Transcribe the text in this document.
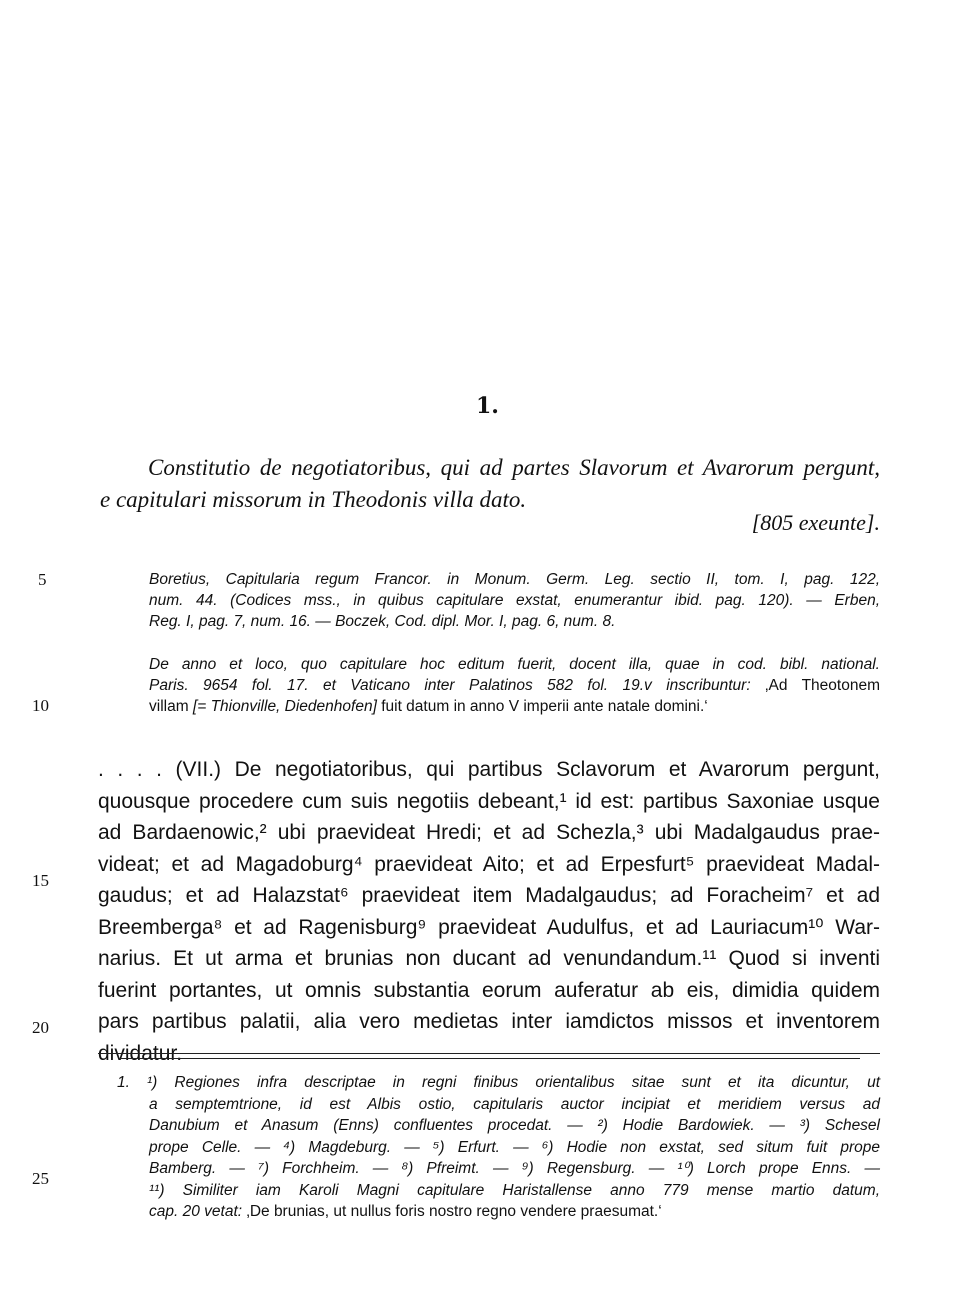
1.
Constitutio de negotiatoribus, qui ad partes Slavorum et Avarorum pergunt,
e capitulari missorum in Theodonis villa dato.
[805 exeunte].
5
10
15
20
25
Boretius, Capitularia regum Francor. in Monum. Germ. Leg. sectio II, tom. I, pag. 122,
num. 44. (Codices mss., in quibus capitulare exstat, enumerantur ibid. pag. 120). — Erben,
Reg. I, pag. 7, num. 16. — Boczek, Cod. dipl. Mor. I, pag. 6, num. 8.
De anno et loco, quo capitulare hoc editum fuerit, docent illa, quae in cod. bibl. national.
Paris. 9654 fol. 17. et Vaticano inter Palatinos 582 fol. 19.v inscribuntur: ‚Ad Theotonem
villam [= Thionville, Diedenhofen] fuit datum in anno V imperii ante natale domini.‘
. . . . (VII.) De negotiatoribus, qui partibus Sclavorum et Avarorum pergunt,
quousque procedere cum suis negotiis debeant,¹ id est: partibus Saxoniae usque
ad Bardaenowic,² ubi praevideat Hredi; et ad Schezla,³ ubi Madalgaudus prae-
videat; et ad Magadoburg⁴ praevideat Aito; et ad Erpesfurt⁵ praevideat Madal-
gaudus; et ad Halazstat⁶ praevideat item Madalgaudus; ad Foracheim⁷ et ad
Breemberga⁸ et ad Ragenisburg⁹ praevideat Audulfus, et ad Lauriacum¹⁰ War-
narius. Et ut arma et brunias non ducant ad venundandum.¹¹ Quod si inventi
fuerint portantes, ut omnis substantia eorum auferatur ab eis, dimidia quidem
pars partibus palatii, alia vero medietas inter iamdictos missos et inventorem
dividatur.
1. ¹) Regiones infra descriptae in regni finibus orientalibus sitae sunt et ita dicuntur, ut
a semptemtrione, id est Albis ostio, capitularis auctor incipiat et meridiem versus ad
Danubium et Anasum (Enns) confluentes procedat. — ²) Hodie Bardowiek. — ³) Schesel
prope Celle. — ⁴) Magdeburg. — ⁵) Erfurt. — ⁶) Hodie non exstat, sed situm fuit prope
Bamberg. — ⁷) Forchheim. — ⁸) Pfreimt. — ⁹) Regensburg. — ¹⁰) Lorch prope Enns. —
¹¹) Similiter iam Karoli Magni capitulare Haristallense anno 779 mense martio datum,
cap. 20 vetat: ‚De brunias, ut nullus foris nostro regno vendere praesumat.‘
